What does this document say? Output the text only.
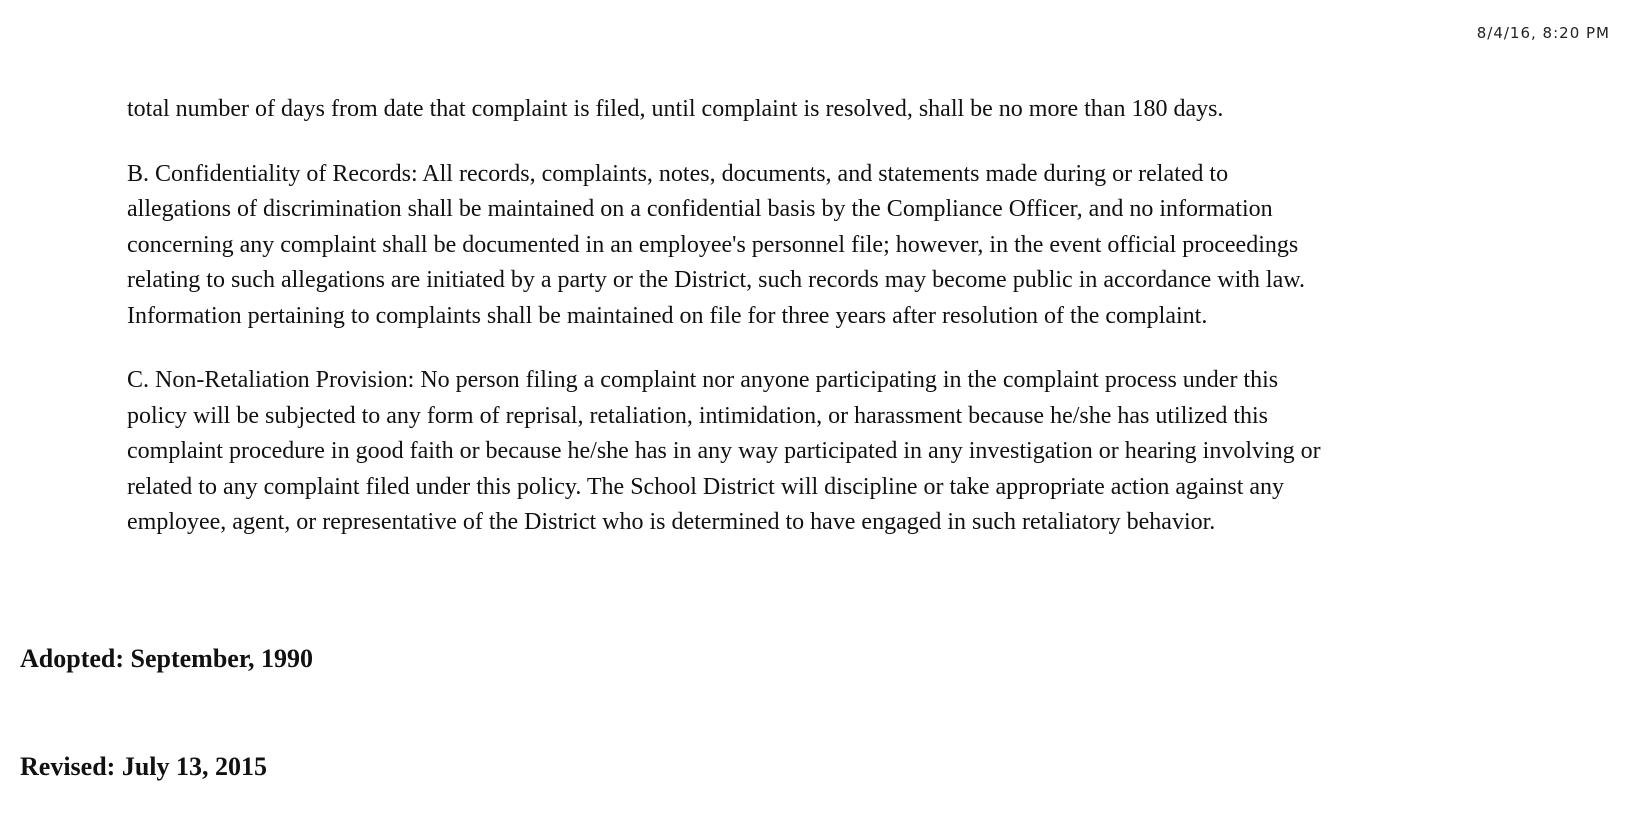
8/4/16, 8:20 PM

total number of days from date that complaint is filed, until complaint is resolved, shall be no more than 180 days.

B. Confidentiality of Records: All records, complaints, notes, documents, and statements made during or related to
allegations of discrimination shall be maintained on a confidential basis by the Compliance Officer, and no information
concerning any complaint shall be documented in an employee's personnel file; however, in the event official proceedings
relating to such allegations are initiated by a party or the District, such records may become public in accordance with law.
Information pertaining to complaints shall be maintained on file for three years after resolution of the complaint.

C. Non-Retaliation Provision: No person filing a complaint nor anyone participating in the complaint process under this
policy will be subjected to any form of reprisal, retaliation, intimidation, or harassment because he/she has utilized this
complaint procedure in good faith or because he/she has in any way participated in any investigation or hearing involving or
related to any complaint filed under this policy. The School District will discipline or take appropriate action against any
employee, agent, or representative of the District who is determined to have engaged in such retaliatory behavior.

Adopted: September, 1990

Revised: July 13, 2015
